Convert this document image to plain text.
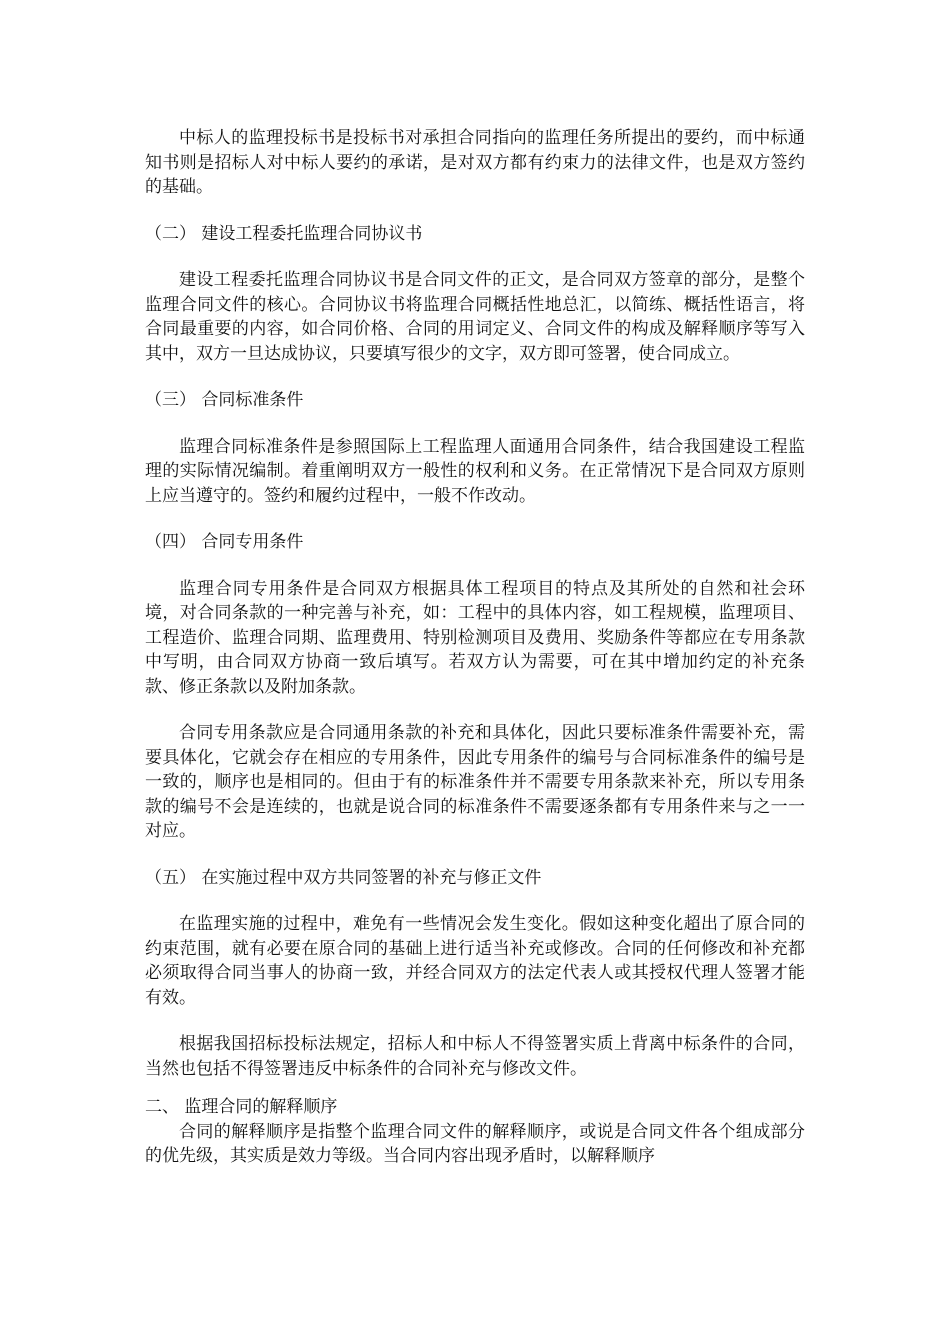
中标人的监理投标书是投标书对承担合同指向的监理任务所提出的要约，而中标通知书则是招标人对中标人要约的承诺，是对双方都有约束力的法律文件，也是双方签约的基础。

（二） 建设工程委托监理合同协议书

建设工程委托监理合同协议书是合同文件的正文，是合同双方签章的部分，是整个监理合同文件的核心。合同协议书将监理合同概括性地总汇，以简练、概括性语言，将合同最重要的内容，如合同价格、合同的用词定义、合同文件的构成及解释顺序等写入其中，双方一旦达成协议，只要填写很少的文字，双方即可签署，使合同成立。

（三） 合同标准条件

监理合同标准条件是参照国际上工程监理人面通用合同条件，结合我国建设工程监理的实际情况编制。着重阐明双方一般性的权利和义务。在正常情况下是合同双方原则上应当遵守的。签约和履约过程中，一般不作改动。

（四） 合同专用条件

监理合同专用条件是合同双方根据具体工程项目的特点及其所处的自然和社会环境，对合同条款的一种完善与补充，如：工程中的具体内容，如工程规模，监理项目、工程造价、监理合同期、监理费用、特别检测项目及费用、奖励条件等都应在专用条款中写明，由合同双方协商一致后填写。若双方认为需要，可在其中增加约定的补充条款、修正条款以及附加条款。

合同专用条款应是合同通用条款的补充和具体化，因此只要标准条件需要补充，需要具体化，它就会存在相应的专用条件，因此专用条件的编号与合同标准条件的编号是一致的，顺序也是相同的。但由于有的标准条件并不需要专用条款来补充，所以专用条款的编号不会是连续的，也就是说合同的标准条件不需要逐条都有专用条件来与之一一对应。

（五） 在实施过程中双方共同签署的补充与修正文件

在监理实施的过程中，难免有一些情况会发生变化。假如这种变化超出了原合同的约束范围，就有必要在原合同的基础上进行适当补充或修改。合同的任何修改和补充都必须取得合同当事人的协商一致，并经合同双方的法定代表人或其授权代理人签署才能有效。

根据我国招标投标法规定，招标人和中标人不得签署实质上背离中标条件的合同，当然也包括不得签署违反中标条件的合同补充与修改文件。

二、 监理合同的解释顺序

合同的解释顺序是指整个监理合同文件的解释顺序，或说是合同文件各个组成部分的优先级，其实质是效力等级。当合同内容出现矛盾时，以解释顺序
